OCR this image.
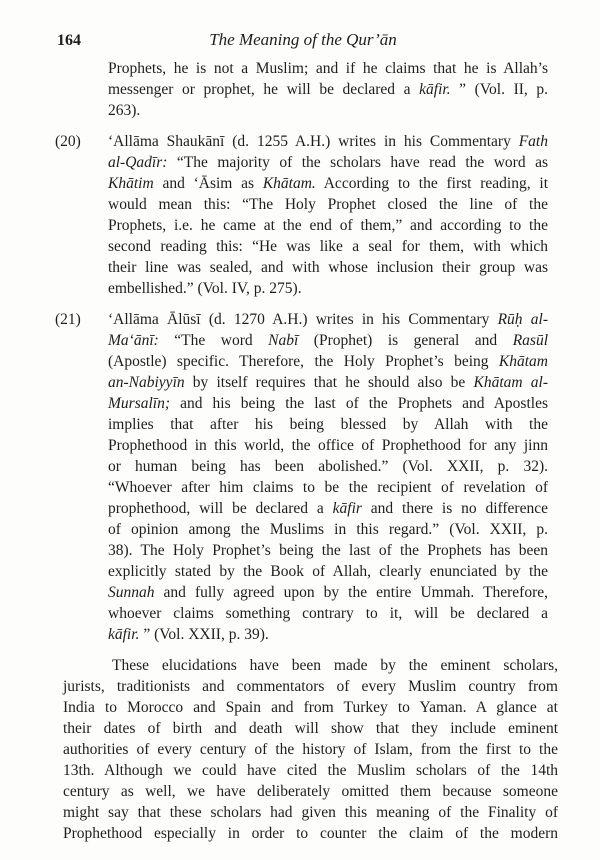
164	The Meaning of the Qur’ān
Prophets, he is not a Muslim; and if he claims that he is Allah’s
messenger or prophet, he will be declared a kāfir. ” (Vol. II, p.
263).
(20) ‘Allāma Shaukānī (d. 1255 A.H.) writes in his Commentary Fath
al-Qadīr: “The majority of the scholars have read the word as
Khātim and ‘Āsim as Khātam. According to the first reading, it
would mean this: “The Holy Prophet closed the line of the
Prophets, i.e. he came at the end of them,” and according to the
second reading this: “He was like a seal for them, with which
their line was sealed, and with whose inclusion their group was
embellished.” (Vol. IV, p. 275).
(21) ‘Allāma Ālūsī (d. 1270 A.H.) writes in his Commentary Rūḥ al-
Ma‘ānī: “The word Nabī (Prophet) is general and Rasūl
(Apostle) specific. Therefore, the Holy Prophet’s being Khātam
an-Nabiyyīn by itself requires that he should also be Khātam al-
Mursalīn; and his being the last of the Prophets and Apostles
implies that after his being blessed by Allah with the
Prophethood in this world, the office of Prophethood for any jinn
or human being has been abolished.” (Vol. XXII, p. 32).
“Whoever after him claims to be the recipient of revelation of
prophethood, will be declared a kāfir and there is no difference
of opinion among the Muslims in this regard.” (Vol. XXII, p.
38). The Holy Prophet’s being the last of the Prophets has been
explicitly stated by the Book of Allah, clearly enunciated by the
Sunnah and fully agreed upon by the entire Ummah. Therefore,
whoever claims something contrary to it, will be declared a
kāfir. ” (Vol. XXII, p. 39).
These elucidations have been made by the eminent scholars,
jurists, traditionists and commentators of every Muslim country from
India to Morocco and Spain and from Turkey to Yaman. A glance at
their dates of birth and death will show that they include eminent
authorities of every century of the history of Islam, from the first to the
13th. Although we could have cited the Muslim scholars of the 14th
century as well, we have deliberately omitted them because someone
might say that these scholars had given this meaning of the Finality of
Prophethood especially in order to counter the claim of the modern
